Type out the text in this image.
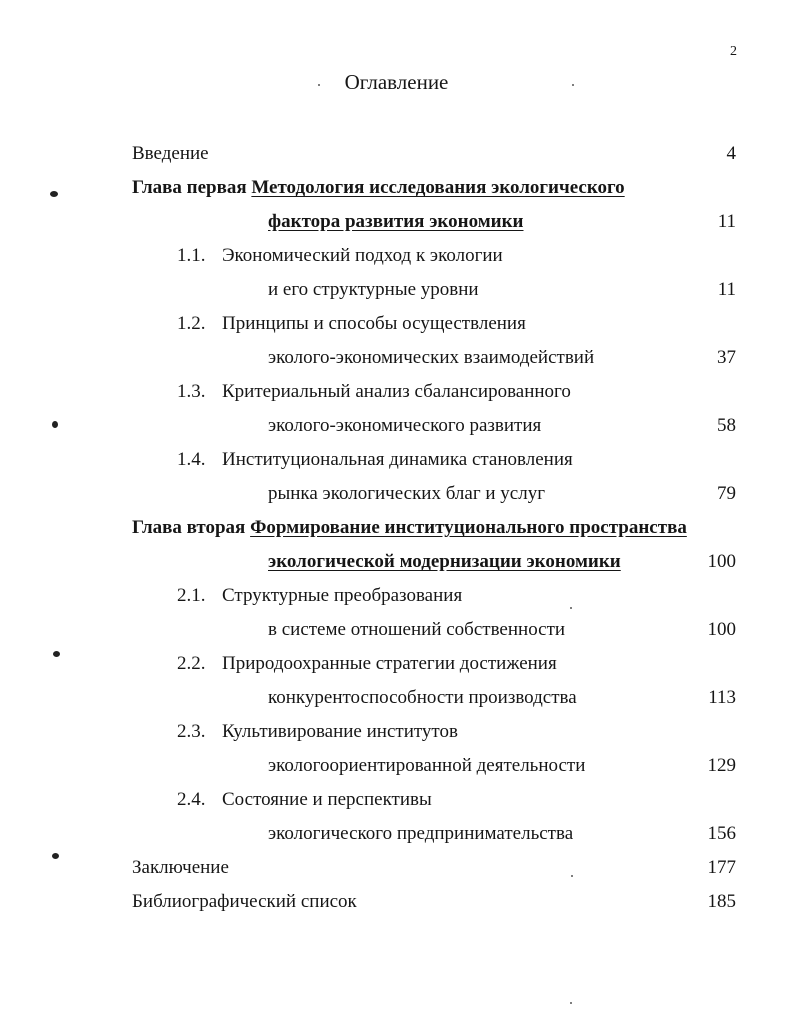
2
Оглавление
Введение	4
Глава первая Методология исследования экологического
фактора развития экономики	11
1.1. Экономический подход к экологии
и его структурные уровни	11
1.2. Принципы и способы осуществления
эколого-экономических взаимодействий	37
1.3. Критериальный анализ сбалансированного
эколого-экономического развития	58
1.4. Институциональная динамика становления
рынка экологических благ и услуг	79
Глава вторая Формирование институционального пространства
экологической модернизации экономики	100
2.1. Структурные преобразования
в системе отношений собственности	100
2.2. Природоохранные стратегии достижения
конкурентоспособности производства	113
2.3. Культивирование институтов
экологоориентированной деятельности	129
2.4. Состояние и перспективы
экологического предпринимательства	156
Заключение	177
Библиографический список	185
